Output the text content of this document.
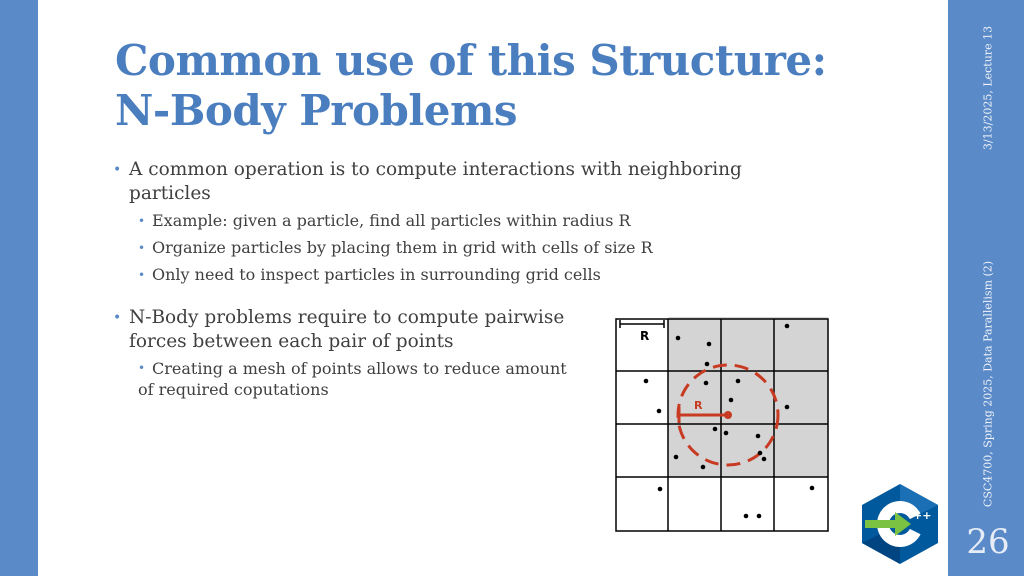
Common use of this Structure:
N-Body Problems	3/13/2025, Lecture 13
CSC4700, Spring 2025, Data Parallelism (2)
26
• A common operation is to compute interactions with neighboring
particles
• Example: given a particle, find all particles within radius R
• Organize particles by placing them in grid with cells of size R
• Only need to inspect particles in surrounding grid cells
• N-Body problems require to compute pairwise
forces between each pair of points
• Creating a mesh of points allows to reduce amount
of required coputations
R
R
++
